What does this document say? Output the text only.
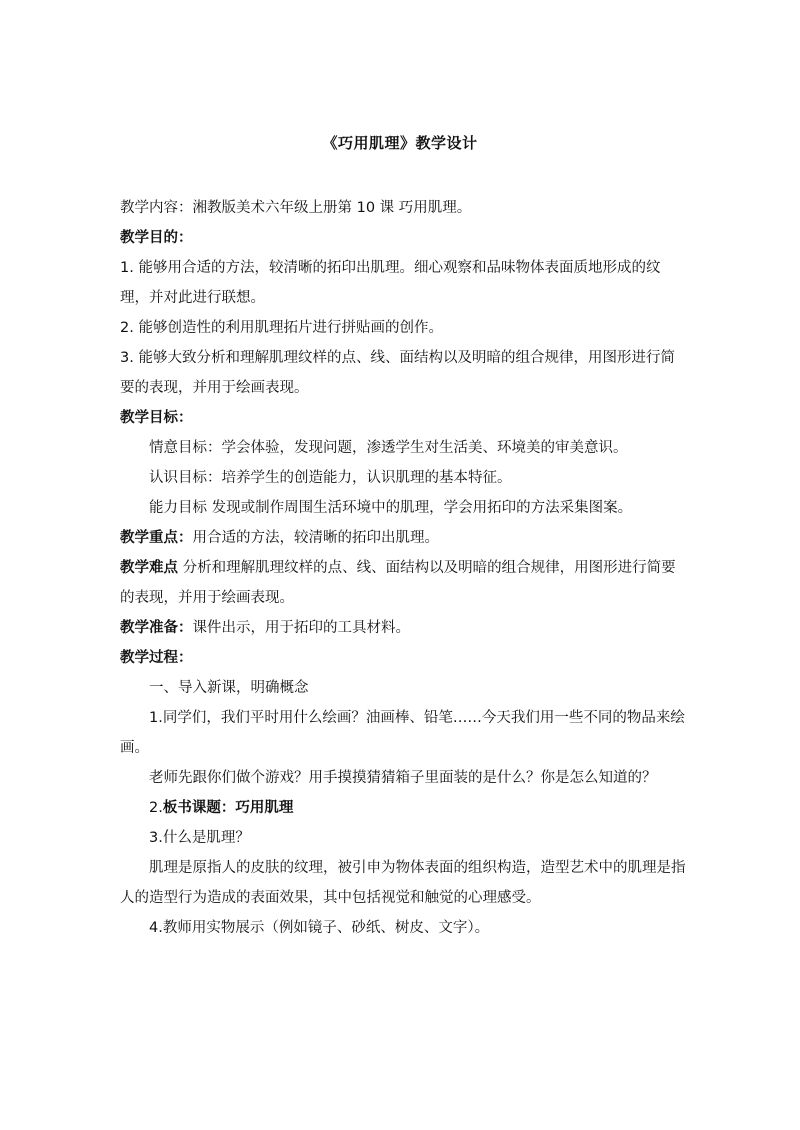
《巧用肌理》教学设计

教学内容：湘教版美术六年级上册第 10 课 巧用肌理。

教学目的：

1. 能够用合适的方法，较清晰的拓印出肌理。细心观察和品味物体表面质地形成的纹理，并对此进行联想。

2. 能够创造性的利用肌理拓片进行拼贴画的创作。

3. 能够大致分析和理解肌理纹样的点、线、面结构以及明暗的组合规律，用图形进行简要的表现，并用于绘画表现。

教学目标：

情意目标：学会体验，发现问题，渗透学生对生活美、环境美的审美意识。

认识目标：培养学生的创造能力，认识肌理的基本特征。

能力目标 发现或制作周围生活环境中的肌理，学会用拓印的方法采集图案。

教学重点：用合适的方法，较清晰的拓印出肌理。

教学难点 分析和理解肌理纹样的点、线、面结构以及明暗的组合规律，用图形进行简要的表现，并用于绘画表现。

教学准备：课件出示，用于拓印的工具材料。

教学过程：

一、导入新课，明确概念

1.同学们，我们平时用什么绘画？油画棒、铅笔……今天我们用一些不同的物品来绘画。

老师先跟你们做个游戏？用手摸摸猜猜箱子里面装的是什么？你是怎么知道的？

2.板书课题：巧用肌理

3.什么是肌理？

肌理是原指人的皮肤的纹理，被引申为物体表面的组织构造，造型艺术中的肌理是指人的造型行为造成的表面效果，其中包括视觉和触觉的心理感受。

4.教师用实物展示（例如镜子、砂纸、树皮、文字）。
